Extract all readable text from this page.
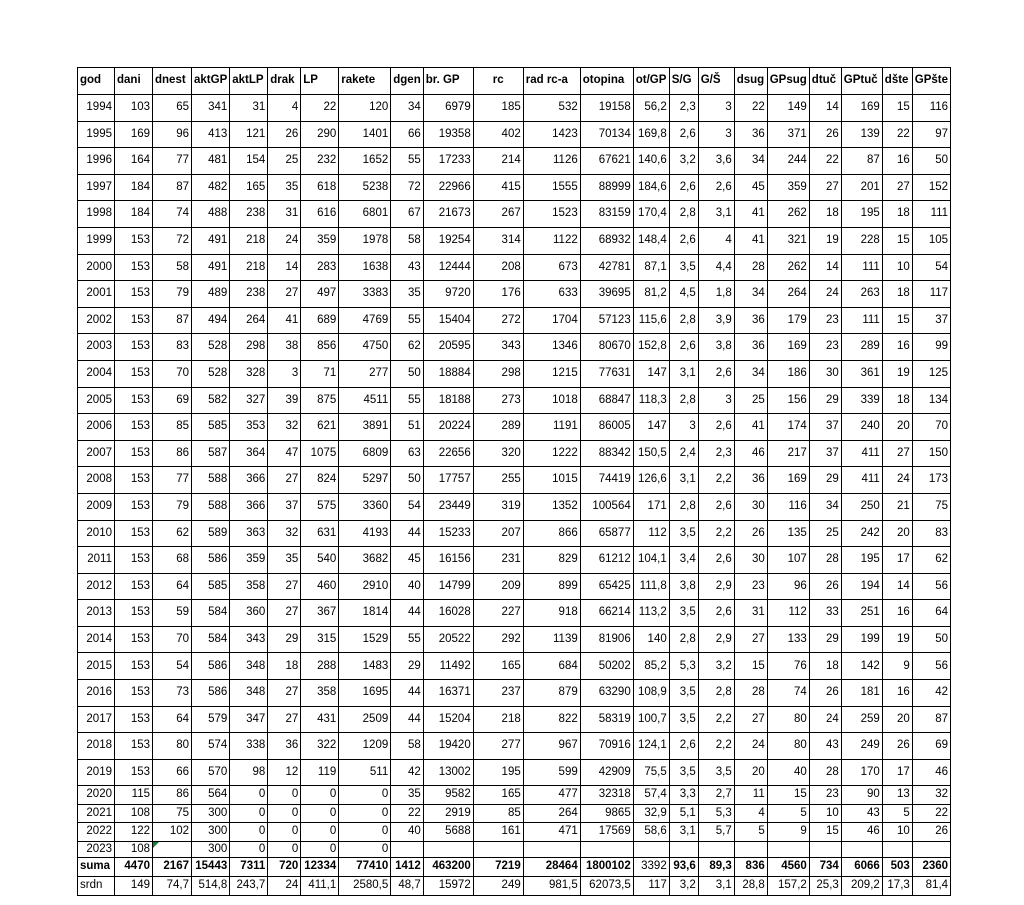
god	dani	dnest	aktGP	aktLP	drak	LP	rakete	dgen	br. GP	rc	rad rc-a	otopina	ot/GP	S/G	G/Š	dsug	GPsug	dtuč	GPtuč	dšte	GPšte
1994	103	65	341	31	4	22	120	34	6979	185	532	19158	56,2	2,3	3	22	149	14	169	15	116
1995	169	96	413	121	26	290	1401	66	19358	402	1423	70134	169,8	2,6	3	36	371	26	139	22	97
1996	164	77	481	154	25	232	1652	55	17233	214	1126	67621	140,6	3,2	3,6	34	244	22	87	16	50
1997	184	87	482	165	35	618	5238	72	22966	415	1555	88999	184,6	2,6	2,6	45	359	27	201	27	152
1998	184	74	488	238	31	616	6801	67	21673	267	1523	83159	170,4	2,8	3,1	41	262	18	195	18	111
1999	153	72	491	218	24	359	1978	58	19254	314	1122	68932	148,4	2,6	4	41	321	19	228	15	105
2000	153	58	491	218	14	283	1638	43	12444	208	673	42781	87,1	3,5	4,4	28	262	14	111	10	54
2001	153	79	489	238	27	497	3383	35	9720	176	633	39695	81,2	4,5	1,8	34	264	24	263	18	117
2002	153	87	494	264	41	689	4769	55	15404	272	1704	57123	115,6	2,8	3,9	36	179	23	111	15	37
2003	153	83	528	298	38	856	4750	62	20595	343	1346	80670	152,8	2,6	3,8	36	169	23	289	16	99
2004	153	70	528	328	3	71	277	50	18884	298	1215	77631	147	3,1	2,6	34	186	30	361	19	125
2005	153	69	582	327	39	875	4511	55	18188	273	1018	68847	118,3	2,8	3	25	156	29	339	18	134
2006	153	85	585	353	32	621	3891	51	20224	289	1191	86005	147	3	2,6	41	174	37	240	20	70
2007	153	86	587	364	47	1075	6809	63	22656	320	1222	88342	150,5	2,4	2,3	46	217	37	411	27	150
2008	153	77	588	366	27	824	5297	50	17757	255	1015	74419	126,6	3,1	2,2	36	169	29	411	24	173
2009	153	79	588	366	37	575	3360	54	23449	319	1352	100564	171	2,8	2,6	30	116	34	250	21	75
2010	153	62	589	363	32	631	4193	44	15233	207	866	65877	112	3,5	2,2	26	135	25	242	20	83
2011	153	68	586	359	35	540	3682	45	16156	231	829	61212	104,1	3,4	2,6	30	107	28	195	17	62
2012	153	64	585	358	27	460	2910	40	14799	209	899	65425	111,8	3,8	2,9	23	96	26	194	14	56
2013	153	59	584	360	27	367	1814	44	16028	227	918	66214	113,2	3,5	2,6	31	112	33	251	16	64
2014	153	70	584	343	29	315	1529	55	20522	292	1139	81906	140	2,8	2,9	27	133	29	199	19	50
2015	153	54	586	348	18	288	1483	29	11492	165	684	50202	85,2	5,3	3,2	15	76	18	142	9	56
2016	153	73	586	348	27	358	1695	44	16371	237	879	63290	108,9	3,5	2,8	28	74	26	181	16	42
2017	153	64	579	347	27	431	2509	44	15204	218	822	58319	100,7	3,5	2,2	27	80	24	259	20	87
2018	153	80	574	338	36	322	1209	58	19420	277	967	70916	124,1	2,6	2,2	24	80	43	249	26	69
2019	153	66	570	98	12	119	511	42	13002	195	599	42909	75,5	3,5	3,5	20	40	28	170	17	46
2020	115	86	564	0	0	0	0	35	9582	165	477	32318	57,4	3,3	2,7	11	15	23	90	13	32
2021	108	75	300	0	0	0	0	22	2919	85	264	9865	32,9	5,1	5,3	4	5	10	43	5	22
2022	122	102	300	0	0	0	0	40	5688	161	471	17569	58,6	3,1	5,7	5	9	15	46	10	26
2023	108		300	0	0	0	0														
suma	4470	2167	15443	7311	720	12334	77410	1412	463200	7219	28464	1800102	3392	93,6	89,3	836	4560	734	6066	503	2360
srdn	149	74,7	514,8	243,7	24	411,1	2580,5	48,7	15972	249	981,5	62073,5	117	3,2	3,1	28,8	157,2	25,3	209,2	17,3	81,4
